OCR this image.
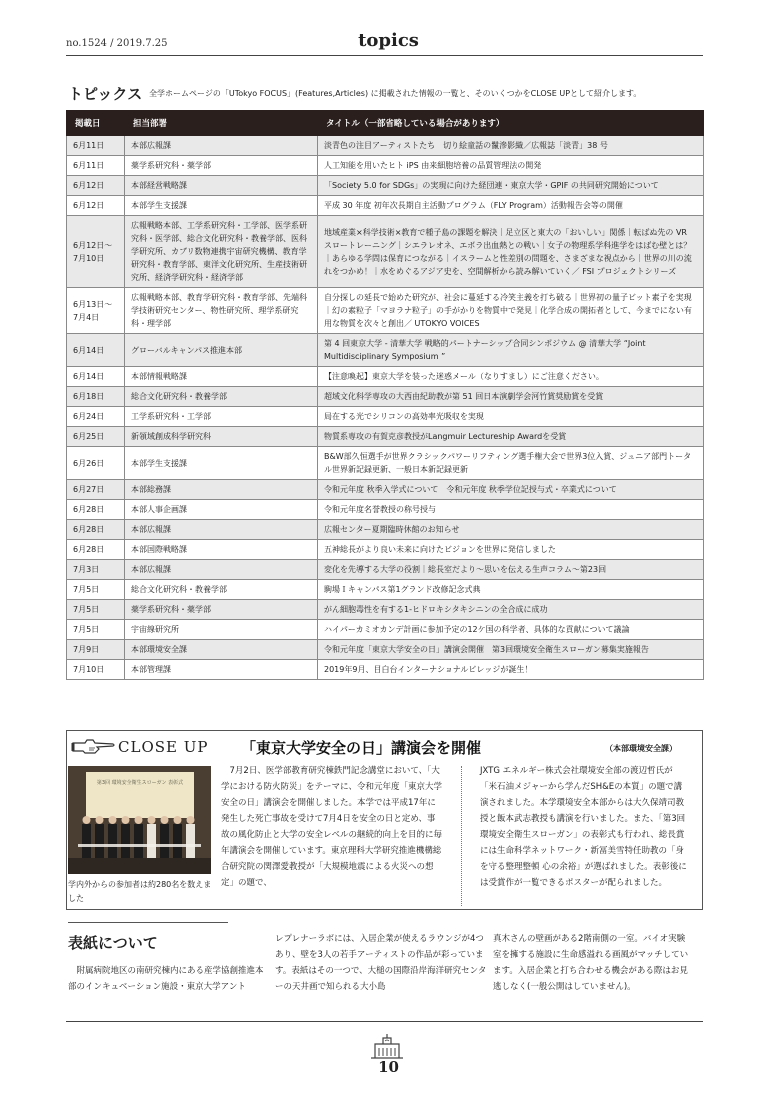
no.1524 / 2019.7.25	topics
トピックス 全学ホームページの「UTokyo FOCUS」(Features,Articles) に掲載された情報の一覧と、そのいくつかをCLOSE UPとして紹介します。
掲載日	担当部署	タイトル（一部省略している場合があります）
6月11日	本部広報課	淡青色の注目アーティストたち　切り絵童話の鬣滲影織／広報誌「淡青」38 号
6月11日	薬学系研究科・薬学部	人工知能を用いたヒト iPS 由来細胞培養の品質管理法の開発
6月12日	本部経営戦略課	「Society 5.0 for SDGs」の実現に向けた経団連・東京大学・GPIF の共同研究開始について
6月12日	本部学生支援課	平成 30 年度 初年次長期自主活動プログラム（FLY Program）活動報告会等の開催
6月12日～
7月10日	広報戦略本部、工学系研究科・工学部、医学系研究科・医学部、総合文化研究科・教養学部、医科学研究所、カブリ数物連携宇宙研究機構、教育学研究科・教育学部、東洋文化研究所、生産技術研究所、経済学研究科・経済学部	地域産業×科学技術×教育で種子島の課題を解決｜足立区と東大の「おいしい」関係｜転ばぬ先の VR スロートレーニング｜シエラレオネ、エボラ出血熱との戦い｜女子の物理系学科進学をはばむ壁とは？｜あらゆる学問は保育につながる｜イスラームと性差別の問題を、さまざまな視点から｜世界の川の流れをつかめ！｜水をめぐるアジア史を、空間解析から読み解いていく／ FSI プロジェクトシリーズ
6月13日～
7月4日	広報戦略本部、教育学研究科・教育学部、先端科学技術研究センター、物性研究所、理学系研究科・理学部	自分探しの延長で始めた研究が、社会に蔓延する冷笑主義を打ち破る｜世界初の量子ビット素子を実現｜幻の素粒子「マヨラナ粒子」の手がかりを物質中で発見｜化学合成の開拓者として、今までにない有用な物質を次々と創出／ UTOKYO VOICES
6月14日	グローバルキャンパス推進本部	第 4 回東京大学 - 清華大学 戦略的パートナーシップ合同シンポジウム @ 清華大学 “Joint Multidisciplinary Symposium ”
6月14日	本部情報戦略課	【注意喚起】東京大学を装った迷惑メール（なりすまし）にご注意ください。
6月18日	総合文化研究科・教養学部	超域文化科学専攻の大西由紀助教が第 51 回日本演劇学会河竹賞奨励賞を受賞
6月24日	工学系研究科・工学部	局在する光でシリコンの高効率光吸収を実現
6月25日	新領域創成科学研究科	物質系専攻の有賀克彦教授がLangmuir Lectureship Awardを受賞
6月26日	本部学生支援課	B&W部久恒選手が世界クラシックパワーリフティング選手権大会で世界3位入賞、ジュニア部門トータル世界新記録更新、一般日本新記録更新
6月27日	本部総務課	令和元年度 秋季入学式について　令和元年度 秋季学位記授与式・卒業式について
6月28日	本部人事企画課	令和元年度名誉教授の称号授与
6月28日	本部広報課	広報センター夏期臨時休館のお知らせ
6月28日	本部国際戦略課	五神総長がより良い未来に向けたビジョンを世界に発信しました
7月3日	本部広報課	変化を先導する大学の役割｜総長室だより～思いを伝える生声コラム～第23回
7月5日	総合文化研究科・教養学部	駒場Ｉキャンパス第1グランド改修記念式典
7月5日	薬学系研究科・薬学部	がん細胞毒性を有する1-ヒドロキシタキシニンの全合成に成功
7月5日	宇宙線研究所	ハイパーカミオカンデ計画に参加予定の12ケ国の科学者、具体的な貢献について議論
7月9日	本部環境安全課	令和元年度「東京大学安全の日」講演会開催　第3回環境安全衛生スローガン募集実施報告
7月10日	本部管理課	2019年9月、目白台インターナショナルビレッジが誕生！
CLOSE UP 「東京大学安全の日」講演会を開催	（本部環境安全課）
第3回 環境安全衛生スローガン 表彰式
学内外からの参加者は約280名を数えました
　7月2日、医学部教育研究棟鉄門記念講堂において、「大学における防火防災」をテーマに、令和元年度「東京大学安全の日」講演会を開催しました。本学では平成17年に発生した死亡事故を受けて7月4日を安全の日と定め、事故の風化防止と大学の安全レベルの継続的向上を目的に毎年講演会を開催しています。東京理科大学研究推進機構総合研究院の関澤愛教授が「大規模地震による火災への想定」の題で、
JXTG エネルギー株式会社環境安全部の渡辺哲氏が「米石油メジャーから学んだSH&Eの本質」の題で講演されました。本学環境安全本部からは大久保靖司教授と飯本武志教授も講演を行いました。また、「第3回環境安全衛生スローガン」の表彰式も行われ、総長賞には生命科学ネットワーク・新冨美雪特任助教の「身を守る整理整頓 心の余裕」が選ばれました。表彰後には受賞作が一覧できるポスターが配られました。
表紙について
　附属病院地区の南研究棟内にある産学協創推進本部のインキュベーション施設・東京大学アント
レプレナーラボには、入居企業が使えるラウンジが4つあり、壁を3人の若手アーティストの作品が彩っています。表紙はその一つで、大槌の国際沿岸海洋研究センターの天井画で知られる大小島
真木さんの壁画がある2階南側の一室。バイオ実験室を擁する施設に生命感溢れる画風がマッチしています。入居企業と打ち合わせる機会がある際はお見逃しなく(一般公開はしていません)。
10
